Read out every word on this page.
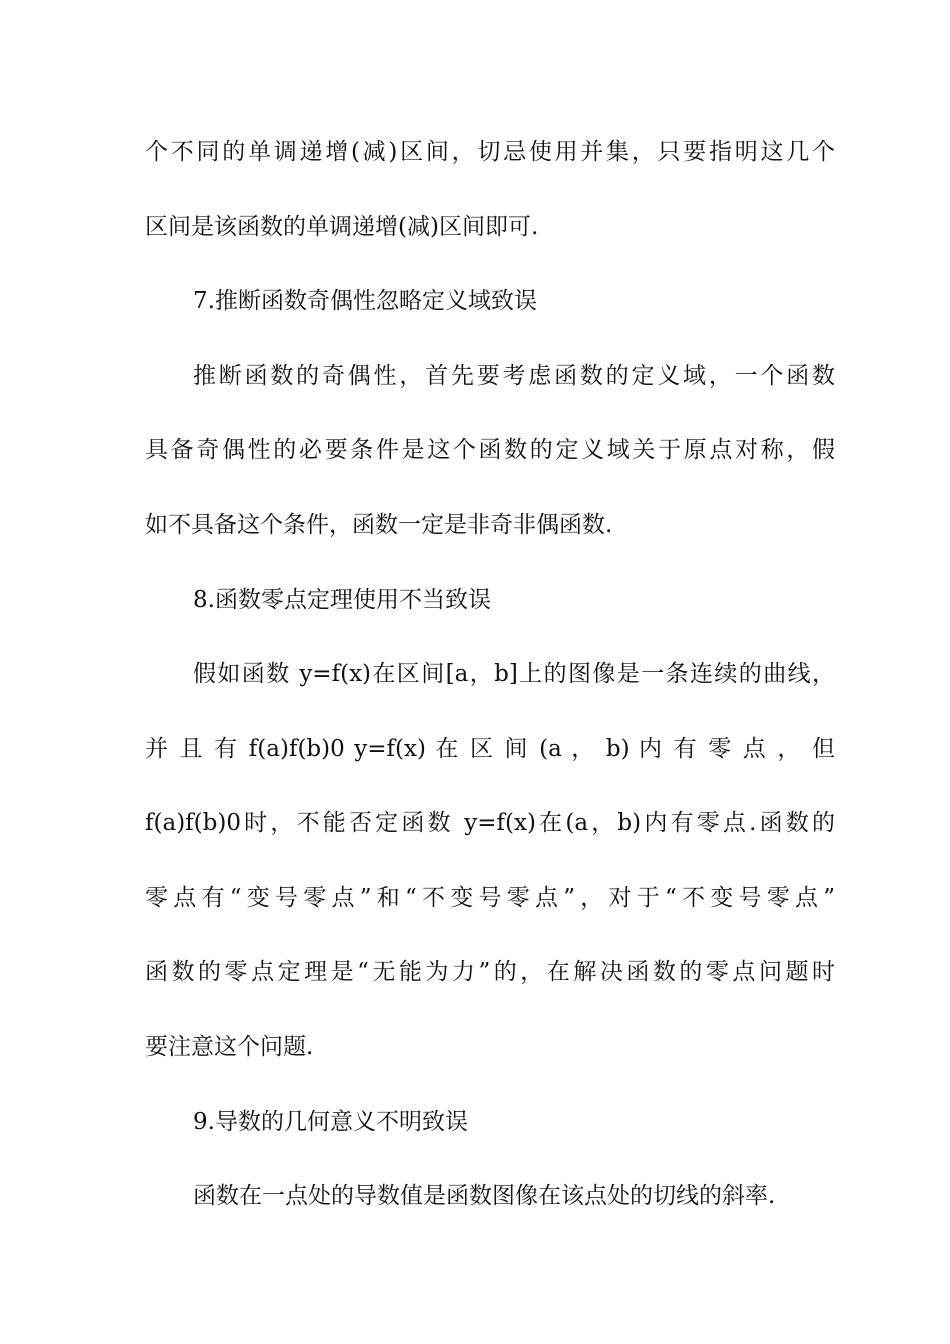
个不同的单调递增(减)区间，切忌使用并集，只要指明这几个
区间是该函数的单调递增(减)区间即可.
7.推断函数奇偶性忽略定义域致误
推断函数的奇偶性，首先要考虑函数的定义域，一个函数
具备奇偶性的必要条件是这个函数的定义域关于原点对称，假
如不具备这个条件，函数一定是非奇非偶函数.
8.函数零点定理使用不当致误
假如函数 y=f(x)在区间[a，b]上的图像是一条连续的曲线，
并 且 有 f(a)f(b)0 y=f(x) 在 区 间 (a ， b) 内 有 零 点 ， 但
f(a)f(b)0时，不能否定函数 y=f(x)在(a，b)内有零点.函数的
零点有“变号零点”和“不变号零点”，对于“不变号零点”
函数的零点定理是“无能为力”的，在解决函数的零点问题时
要注意这个问题.
9.导数的几何意义不明致误
函数在一点处的导数值是函数图像在该点处的切线的斜率.
